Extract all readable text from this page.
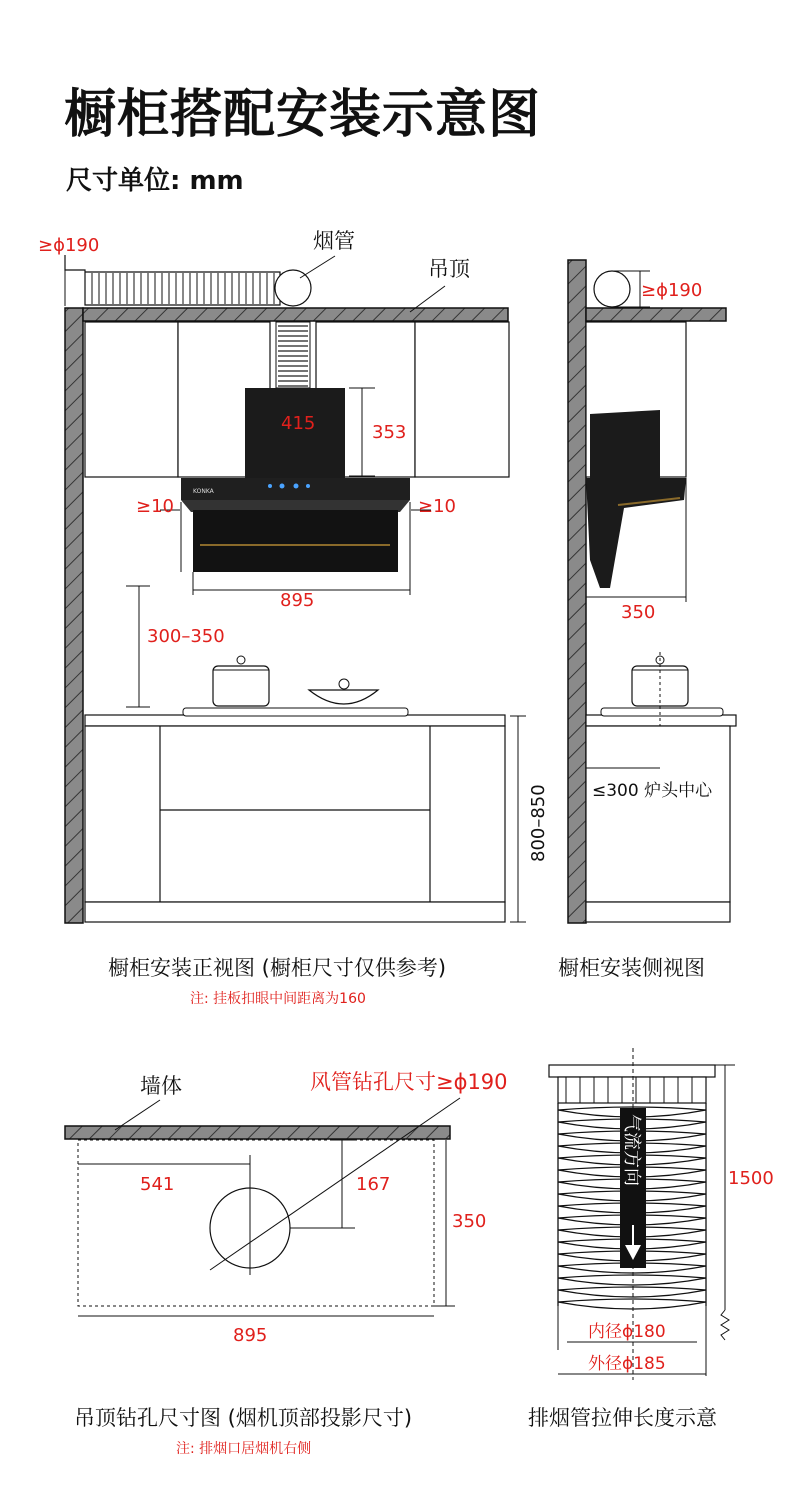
橱柜搭配安装示意图
尺寸单位: mm
KONKA
≥ϕ190	烟管
吊顶
415	353
≥10	≥10
895
300–350
800–850
≥ϕ190
350
≤300 炉头中心
墙体	风管钻孔尺寸≥ϕ190
541	167
350
895
气流方向	1500
内径ϕ180
外径ϕ185
橱柜安装正视图 (橱柜尺寸仅供参考)
注: 挂板扣眼中间距离为160
橱柜安装侧视图
吊顶钻孔尺寸图 (烟机顶部投影尺寸)
注: 排烟口居烟机右侧
排烟管拉伸长度示意
